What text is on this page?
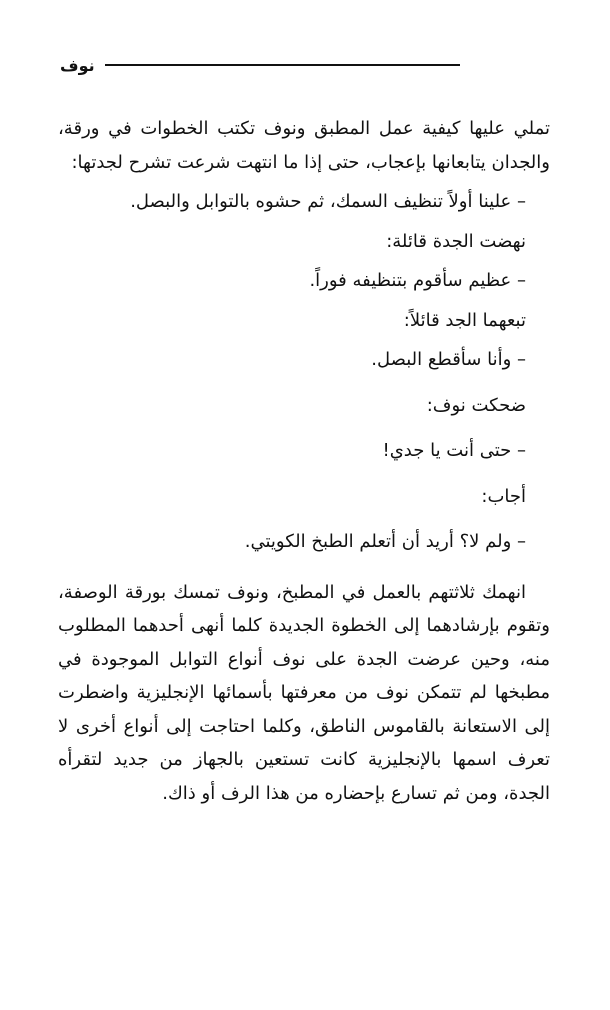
نوف

تملي عليها كيفية عمل المطبق ونوف تكتب الخطوات في ورقة، والجدان يتابعانها بإعجاب، حتى إذا ما انتهت شرعت تشرح لجدتها:

– علينا أولاً تنظيف السمك، ثم حشوه بالتوابل والبصل.

نهضت الجدة قائلة:

– عظيم سأقوم بتنظيفه فوراً.

تبعهما الجد قائلاً:

– وأنا سأقطع البصل.

ضحكت نوف:

– حتى أنت يا جدي!

أجاب:

– ولم لا؟ أريد أن أتعلم الطبخ الكويتي.

انهمك ثلاثتهم بالعمل في المطبخ، ونوف تمسك بورقة الوصفة، وتقوم بإرشادهما إلى الخطوة الجديدة كلما أنهى أحدهما المطلوب منه، وحين عرضت الجدة على نوف أنواع التوابل الموجودة في مطبخها لم تتمكن نوف من معرفتها بأسمائها الإنجليزية واضطرت إلى الاستعانة بالقاموس الناطق، وكلما احتاجت إلى أنواع أخرى لا تعرف اسمها بالإنجليزية كانت تستعين بالجهاز من جديد لتقرأه الجدة، ومن ثم تسارع بإحضاره من هذا الرف أو ذاك.
